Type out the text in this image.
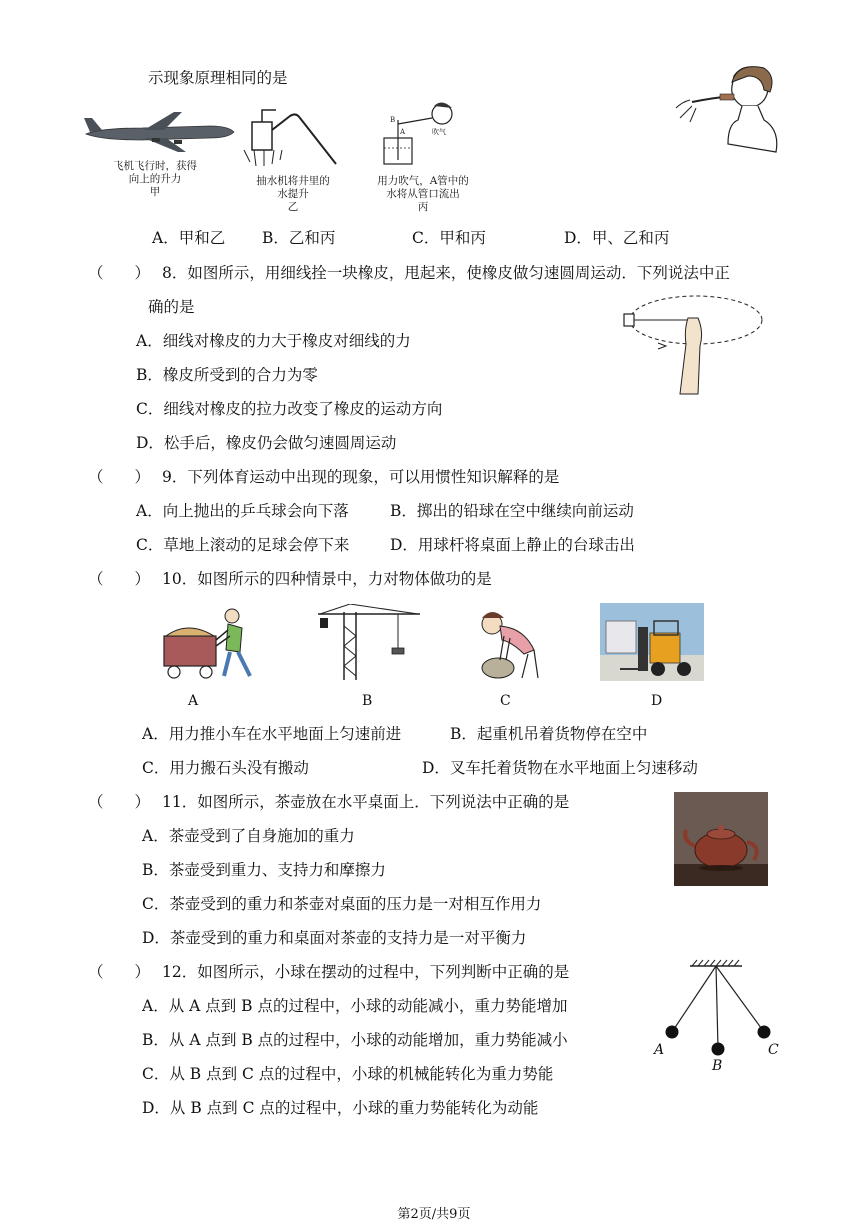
示现象原理相同的是
飞机飞行时，获得
向上的升力
甲
抽水机将井里的
水提升
乙
B
A	吹气
用力吹气，A管中的
水将从管口流出
丙
A．甲和乙 B．乙和丙	C．甲和丙	D．甲、乙和丙
（　　） 8．如图所示，用细线拴一块橡皮，甩起来，使橡皮做匀速圆周运动．下列说法中正
确的是
A．细线对橡皮的力大于橡皮对细线的力
B．橡皮所受到的合力为零
C．细线对橡皮的拉力改变了橡皮的运动方向
D．松手后，橡皮仍会做匀速圆周运动
（　　） 9．下列体育运动中出现的现象，可以用惯性知识解释的是
A．向上抛出的乒乓球会向下落	B．掷出的铅球在空中继续向前运动
C．草地上滚动的足球会停下来	D．用球杆将桌面上静止的台球击出
（　　） 10．如图所示的四种情景中，力对物体做功的是
A	B	C	D
A．用力推小车在水平地面上匀速前进	B．起重机吊着货物停在空中
C．用力搬石头没有搬动	D．叉车托着货物在水平地面上匀速移动
（　　） 11．如图所示，茶壶放在水平桌面上．下列说法中正确的是
A．茶壶受到了自身施加的重力
B．茶壶受到重力、支持力和摩擦力
C．茶壶受到的重力和茶壶对桌面的压力是一对相互作用力
D．茶壶受到的重力和桌面对茶壶的支持力是一对平衡力
（　　） 12．如图所示，小球在摆动的过程中，下列判断中正确的是
A．从 A 点到 B 点的过程中，小球的动能减小，重力势能增加
B．从 A 点到 B 点的过程中，小球的动能增加，重力势能减小
C．从 B 点到 C 点的过程中，小球的机械能转化为重力势能
D．从 B 点到 C 点的过程中，小球的重力势能转化为动能
A
B
C
第2页/共9页
